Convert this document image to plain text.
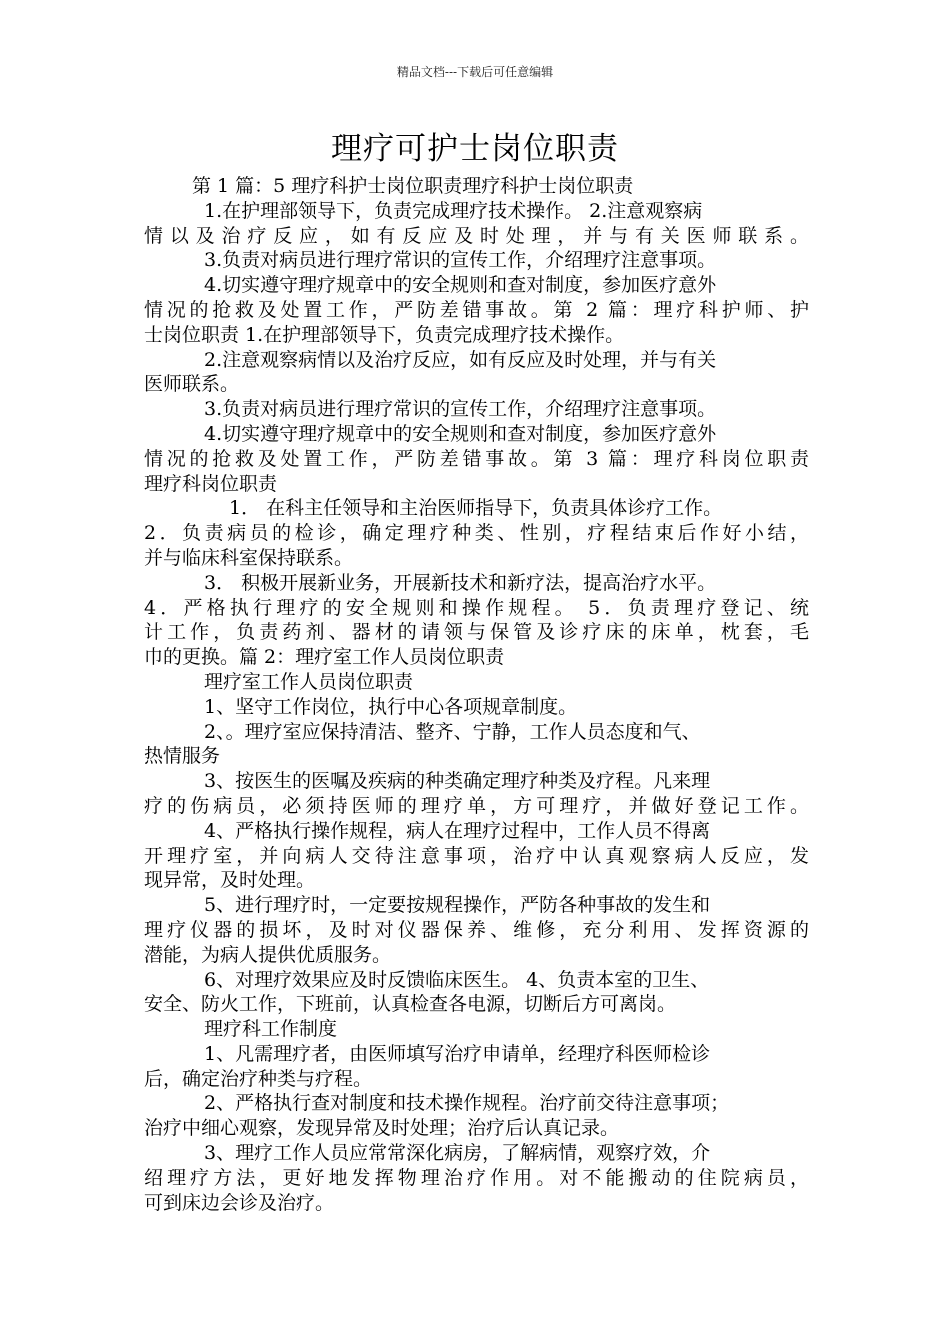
精品文档---下载后可任意编辑
理疗可护士岗位职责
第 1 篇：5 理疗科护士岗位职责理疗科护士岗位职责
1.在护理部领导下，负责完成理疗技术操作。 2.注意观察病
情以及治疗反应，如有反应及时处理，并与有关医师联系。
3.负责对病员进行理疗常识的宣传工作，介绍理疗注意事项。
4.切实遵守理疗规章中的安全规则和查对制度，参加医疗意外
情况的抢救及处置工作，严防差错事故。第 2 篇：理疗科护师、护
士岗位职责 1.在护理部领导下，负责完成理疗技术操作。
2.注意观察病情以及治疗反应，如有反应及时处理，并与有关
医师联系。
3.负责对病员进行理疗常识的宣传工作，介绍理疗注意事项。
4.切实遵守理疗规章中的安全规则和查对制度，参加医疗意外
情况的抢救及处置工作，严防差错事故。第 3 篇：理疗科岗位职责
理疗科岗位职责
1． 在科主任领导和主治医师指导下，负责具体诊疗工作。
2．负责病员的检诊，确定理疗种类、性别，疗程结束后作好小结，
并与临床科室保持联系。
3． 积极开展新业务，开展新技术和新疗法，提高治疗水平。
4．严格执行理疗的安全规则和操作规程。 5．负责理疗登记、统
计工作，负责药剂、器材的请领与保管及诊疗床的床单，枕套，毛
巾的更换。篇 2：理疗室工作人员岗位职责
理疗室工作人员岗位职责
1、坚守工作岗位，执行中心各项规章制度。
2、。理疗室应保持清洁、整齐、宁静，工作人员态度和气、
热情服务
3、按医生的医嘱及疾病的种类确定理疗种类及疗程。凡来理
疗的伤病员，必须持医师的理疗单，方可理疗，并做好登记工作。
4、严格执行操作规程，病人在理疗过程中，工作人员不得离
开理疗室，并向病人交待注意事项，治疗中认真观察病人反应，发
现异常，及时处理。
5、进行理疗时，一定要按规程操作，严防各种事故的发生和
理疗仪器的损坏，及时对仪器保养、维修，充分利用、发挥资源的
潜能，为病人提供优质服务。
6、对理疗效果应及时反馈临床医生。 4、负责本室的卫生、
安全、防火工作，下班前，认真检查各电源，切断后方可离岗。
理疗科工作制度
1、凡需理疗者，由医师填写治疗申请单，经理疗科医师检诊
后，确定治疗种类与疗程。
2、严格执行查对制度和技术操作规程。治疗前交待注意事项；
治疗中细心观察，发现异常及时处理；治疗后认真记录。
3、理疗工作人员应常常深化病房，了解病情，观察疗效，介
绍理疗方法，更好地发挥物理治疗作用。对不能搬动的住院病员，
可到床边会诊及治疗。
